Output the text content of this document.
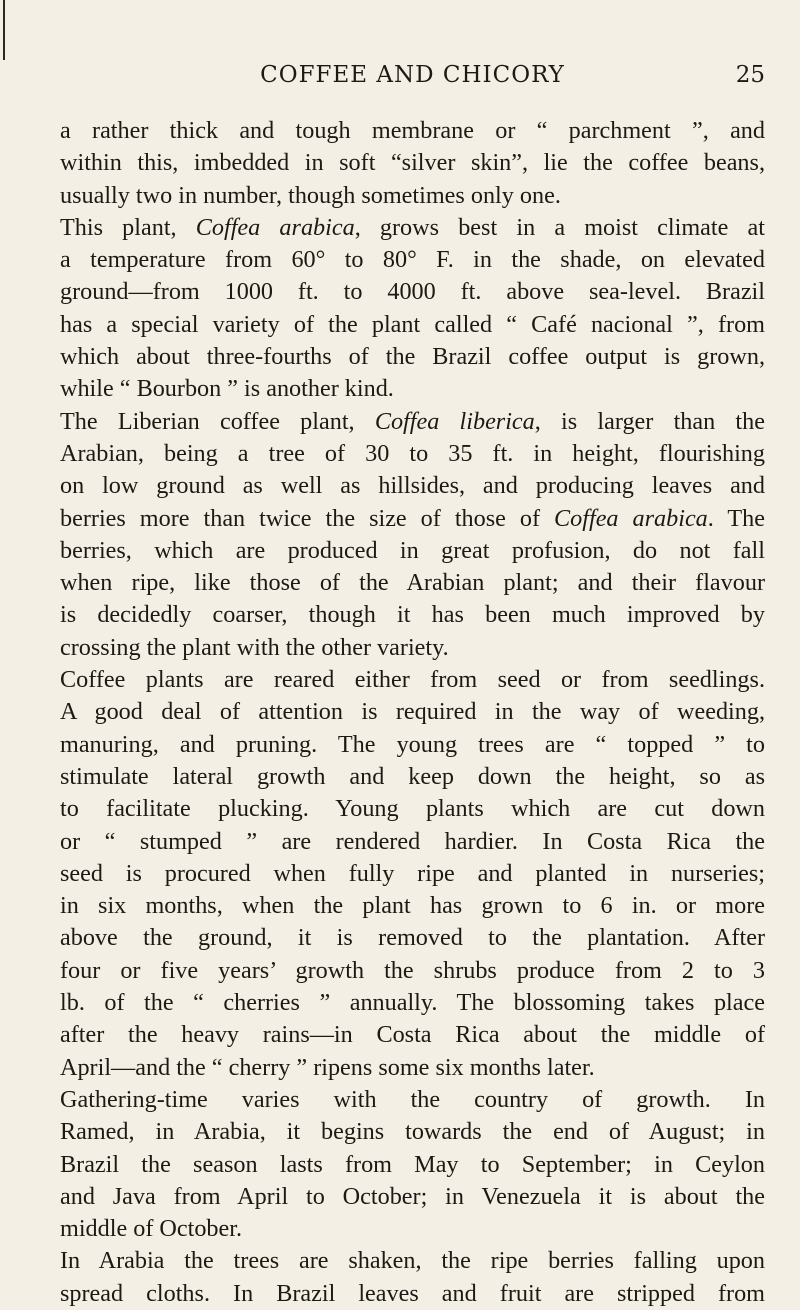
COFFEE AND CHICORY	25
a rather thick and tough membrane or “ parchment ”, and
within this, imbedded in soft “silver skin”, lie the coffee beans,
usually two in number, though sometimes only one.
This plant, Coffea arabica, grows best in a moist climate at
a temperature from 60° to 80° F. in the shade, on elevated
ground—from 1000 ft. to 4000 ft. above sea-level. Brazil
has a special variety of the plant called “ Café nacional ”, from
which about three-fourths of the Brazil coffee output is grown,
while “ Bourbon ” is another kind.
The Liberian coffee plant, Coffea liberica, is larger than the
Arabian, being a tree of 30 to 35 ft. in height, flourishing
on low ground as well as hillsides, and producing leaves and
berries more than twice the size of those of Coffea arabica. The
berries, which are produced in great profusion, do not fall
when ripe, like those of the Arabian plant; and their flavour
is decidedly coarser, though it has been much improved by
crossing the plant with the other variety.
Coffee plants are reared either from seed or from seedlings.
A good deal of attention is required in the way of weeding,
manuring, and pruning. The young trees are “ topped ” to
stimulate lateral growth and keep down the height, so as
to facilitate plucking. Young plants which are cut down
or “ stumped ” are rendered hardier. In Costa Rica the
seed is procured when fully ripe and planted in nurseries;
in six months, when the plant has grown to 6 in. or more
above the ground, it is removed to the plantation. After
four or five years’ growth the shrubs produce from 2 to 3
lb. of the “ cherries ” annually. The blossoming takes place
after the heavy rains—in Costa Rica about the middle of
April—and the “ cherry ” ripens some six months later.
Gathering-time varies with the country of growth. In
Ramed, in Arabia, it begins towards the end of August; in
Brazil the season lasts from May to September; in Ceylon
and Java from April to October; in Venezuela it is about the
middle of October.
In Arabia the trees are shaken, the ripe berries falling upon
spread cloths. In Brazil leaves and fruit are stripped from
